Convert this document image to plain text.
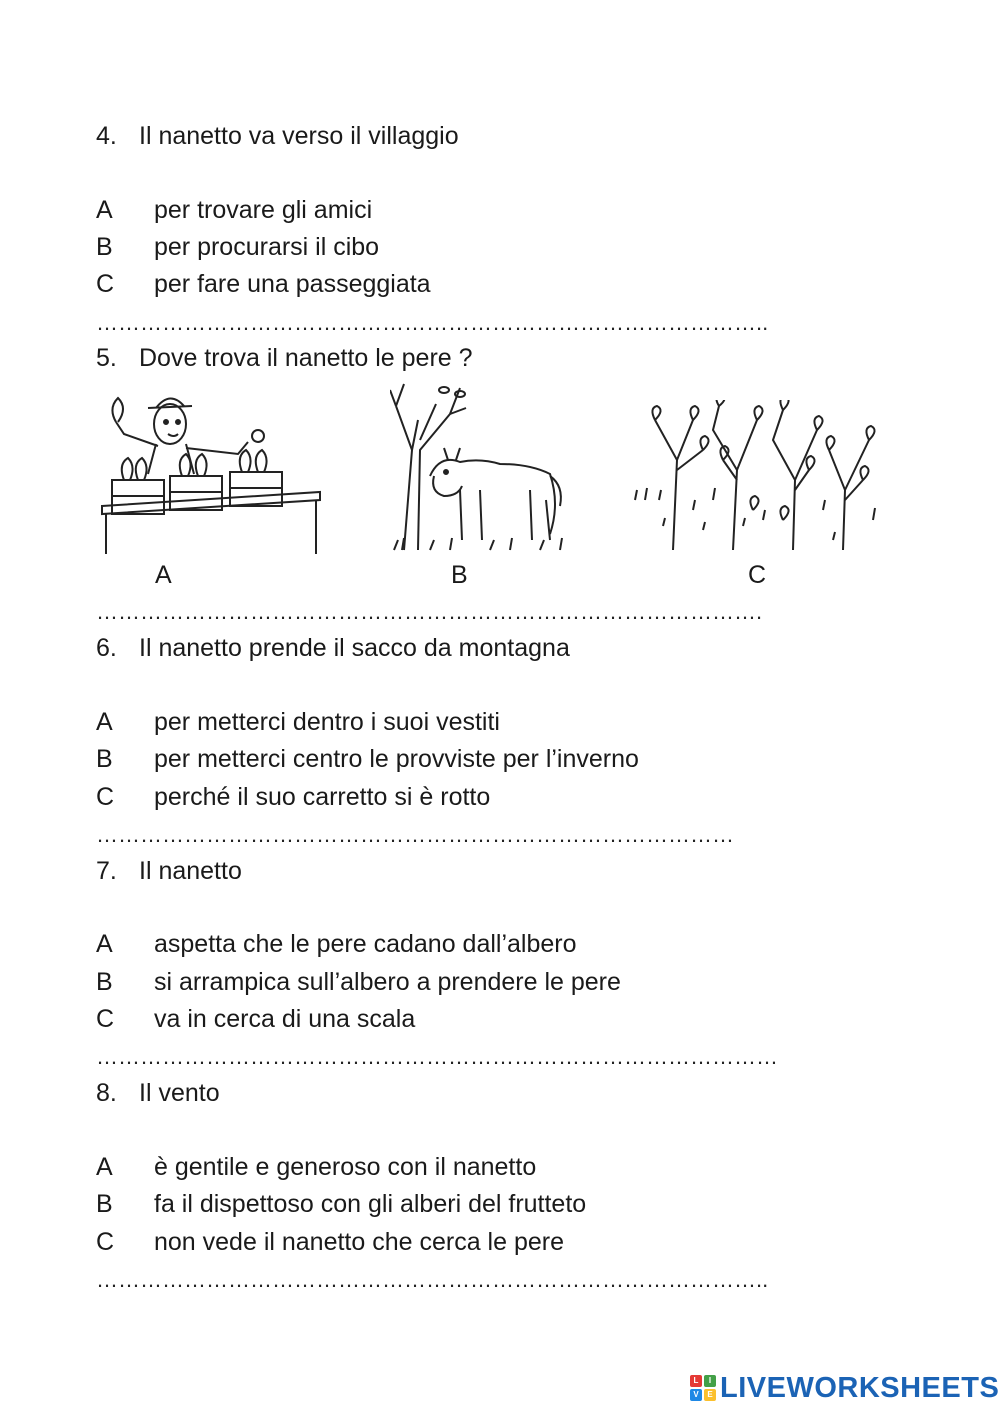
4. Il nanetto va verso il villaggio
A per trovare gli amici
B per procurarsi il cibo
C per fare una passeggiata
………………………………………………………………………………..
5. Dove trova il nanetto le pere ?
A	B	C
……………………………………………………………………………….
6. Il nanetto prende il sacco da montagna
A per metterci dentro i suoi vestiti
B per metterci centro le provviste per l’inverno
C perché il suo carretto si è rotto
……………………………………………………………………………
7. Il nanetto
A aspetta che le pere cadano dall’albero
B si arrampica sull’albero a prendere le pere
C va in cerca di una scala
…………………………………………………………………………………
8. Il vento
A è gentile e generoso con il nanetto
B fa il dispettoso con gli alberi del frutteto
C non vede il nanetto che cerca le pere
………………………………………………………………………………..
L	I
V	E LIVEWORKSHEETS
